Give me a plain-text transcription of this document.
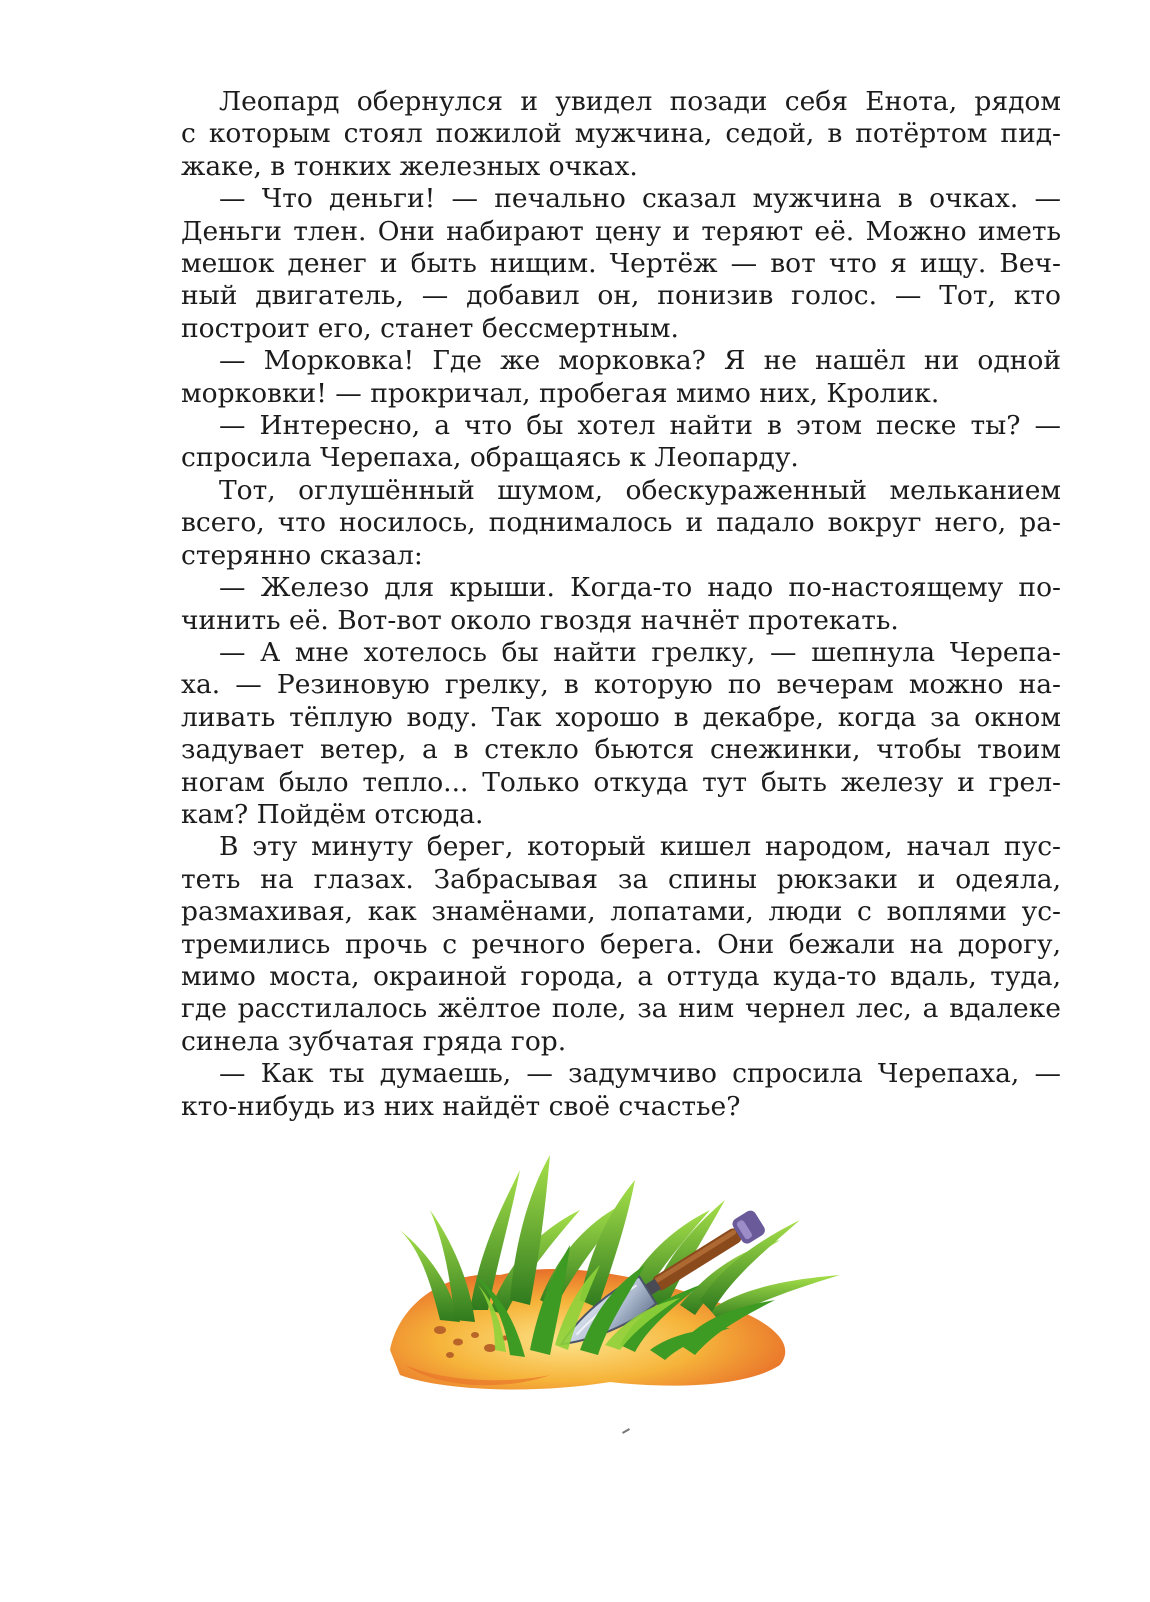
Леопард обернулся и увидел позади себя Енота, рядом
с которым стоял пожилой мужчина, седой, в потёртом пид-
жаке, в тонких железных очках.
— Что деньги! — печально сказал мужчина в очках. —
Деньги тлен. Они набирают цену и теряют её. Можно иметь
мешок денег и быть нищим. Чертёж — вот что я ищу. Веч-
ный двигатель, — добавил он, понизив голос. — Тот, кто
построит его, станет бессмертным.
— Морковка! Где же морковка? Я не нашёл ни одной
морковки! — прокричал, пробегая мимо них, Кролик.
— Интересно, а что бы хотел найти в этом песке ты? —
спросила Черепаха, обращаясь к Леопарду.
Тот, оглушённый шумом, обескураженный мельканием
всего, что носилось, поднималось и падало вокруг него, ра-
стерянно сказал:
— Железо для крыши. Когда-то надо по-настоящему по-
чинить её. Вот-вот около гвоздя начнёт протекать.
— А мне хотелось бы найти грелку, — шепнула Черепа-
ха. — Резиновую грелку, в которую по вечерам можно на-
ливать тёплую воду. Так хорошо в декабре, когда за окном
задувает ветер, а в стекло бьются снежинки, чтобы твоим
ногам было тепло... Только откуда тут быть железу и грел-
кам? Пойдём отсюда.
В эту минуту берег, который кишел народом, начал пус-
теть на глазах. Забрасывая за спины рюкзаки и одеяла,
размахивая, как знамёнами, лопатами, люди с воплями ус-
тремились прочь с речного берега. Они бежали на дорогу,
мимо моста, окраиной города, а оттуда куда-то вдаль, туда,
где расстилалось жёлтое поле, за ним чернел лес, а вдалеке
синела зубчатая гряда гор.
— Как ты думаешь, — задумчиво спросила Черепаха, —
кто-нибудь из них найдёт своё счастье?
